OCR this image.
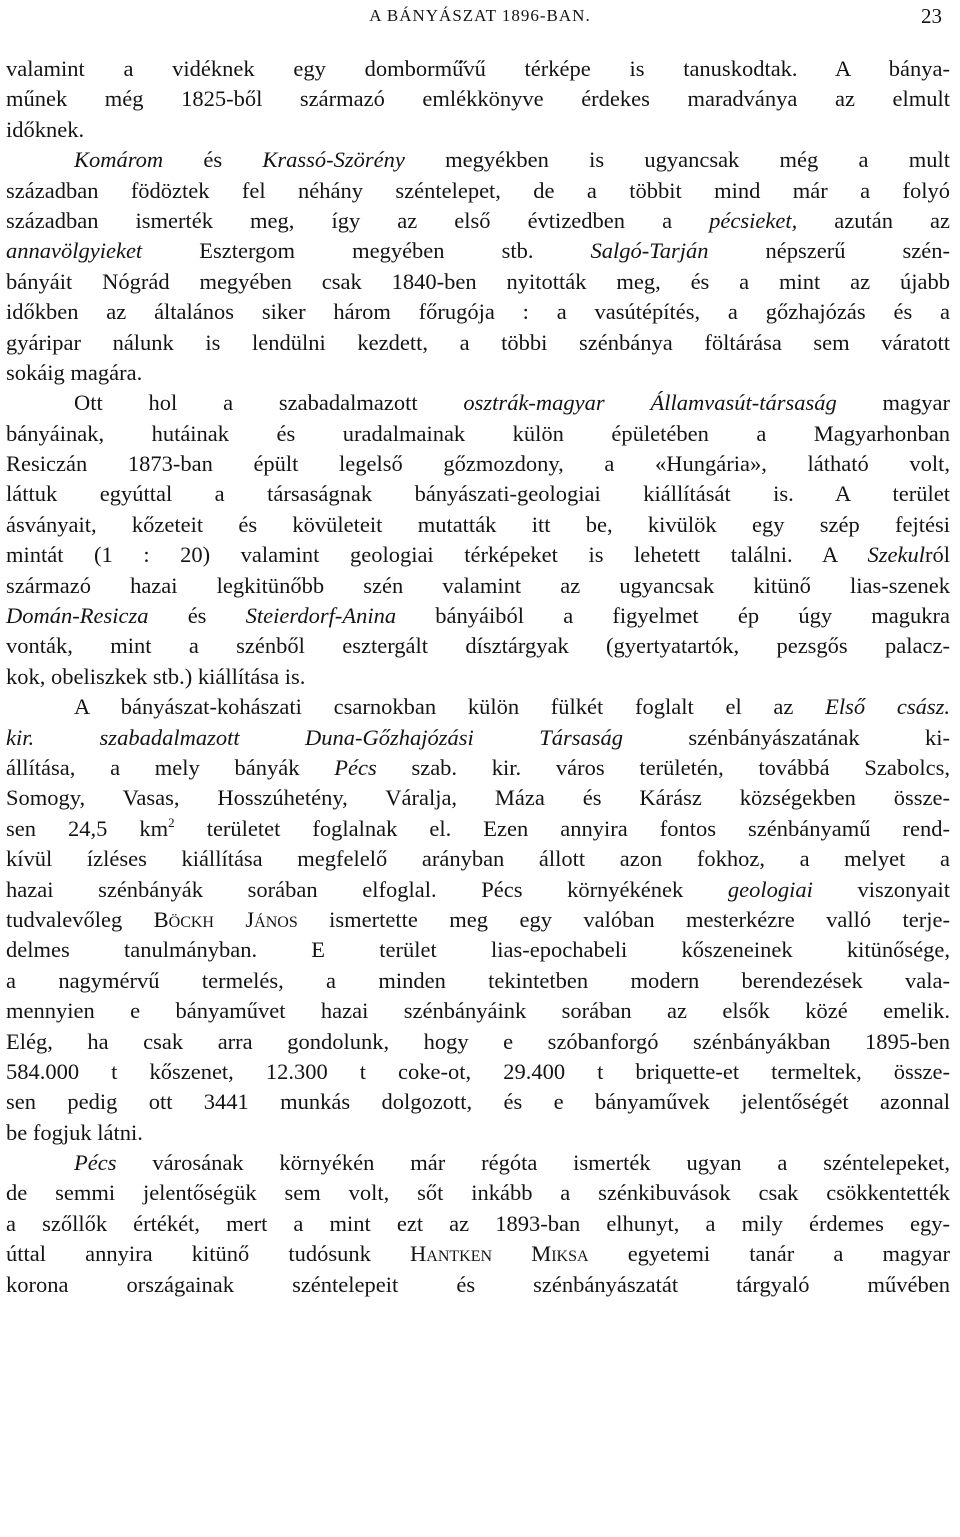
A BÁNYÁSZAT 1896-BAN.	23
valamint a vidéknek egy dombormű̋vű térképe is tanuskodtak. A bánya-
műnek még 1825-ből származó emlékkönyve érdekes maradványa az elmult
időknek.
Komárom és Krassó-Szörény megyékben is ugyancsak még a mult
században födöztek fel néhány széntelepet, de a többit mind már a folyó
században ismerték meg, így az első évtizedben a pécsieket, azután az
annavölgyieket Esztergom megyében stb. Salgó-Tarján népszerű szén-
bányáit Nógrád megyében csak 1840-ben nyitották meg, és a mint az újabb
időkben az általános siker három főrugója : a vasútépítés, a gőzhajózás és a
gyáripar nálunk is lendülni kezdett, a többi szénbánya föltárása sem váratott
sokáig magára.
Ott hol a szabadalmazott osztrák-magyar Államvasút-társaság magyar
bányáinak, hutáinak és uradalmainak külön épületében a Magyarhonban
Resiczán 1873-ban épült legelső gőzmozdony, a «Hungária», látható volt,
láttuk egyúttal a társaságnak bányászati-geologiai kiállítását is. A terület
ásványait, kőzeteit és kövületeit mutatták itt be, kivülök egy szép fejtési
mintát (1 : 20) valamint geologiai térképeket is lehetett találni. A Szekulról
származó hazai legkitünőbb szén valamint az ugyancsak kitünő lias-szenek
Domán-Resicza és Steierdorf-Anina bányáiból a figyelmet ép úgy magukra
vonták, mint a szénből esztergált dísztárgyak (gyertyatartók, pezsgős palacz-
kok, obeliszkek stb.) kiállítása is.
A bányászat-kohászati csarnokban külön fülkét foglalt el az Első csász.
kir. szabadalmazott Duna-Gőzhajózási Társaság szénbányászatának ki-
állítása, a mely bányák Pécs szab. kir. város területén, továbbá Szabolcs,
Somogy, Vasas, Hosszúhetény, Váralja, Máza és Kárász községekben össze-
sen 24,5 $km^2$ területet foglalnak el. Ezen annyira fontos szénbányamű rend-
kívül ízléses kiállítása megfelelő arányban állott azon fokhoz, a melyet a
hazai szénbányák sorában elfoglal. Pécs környékének geologiai viszonyait
tudvalevőleg Böckh János ismertette meg egy valóban mesterkézre valló terje-
delmes tanulmányban. E terület lias-epochabeli kőszeneinek kitünősége,
a nagymérvű termelés, a minden tekintetben modern berendezések vala-
mennyien e bányaművet hazai szénbányáink sorában az elsők közé emelik.
Elég, ha csak arra gondolunk, hogy e szóbanforgó szénbányákban 1895-ben
584.000 t kőszenet, 12.300 t coke-ot, 29.400 t briquette-et termeltek, össze-
sen pedig ott 3441 munkás dolgozott, és e bányaművek jelentőségét azonnal
be fogjuk látni.
Pécs városának környékén már régóta ismerték ugyan a széntelepeket,
de semmi jelentőségük sem volt, sőt inkább a szénkibuvások csak csökkentették
a szőllők értékét, mert a mint ezt az 1893-ban elhunyt, a mily érdemes egy-
úttal annyira kitünő tudósunk Hantken Miksa egyetemi tanár a magyar
korona országainak széntelepeit és szénbányászatát tárgyaló művében
